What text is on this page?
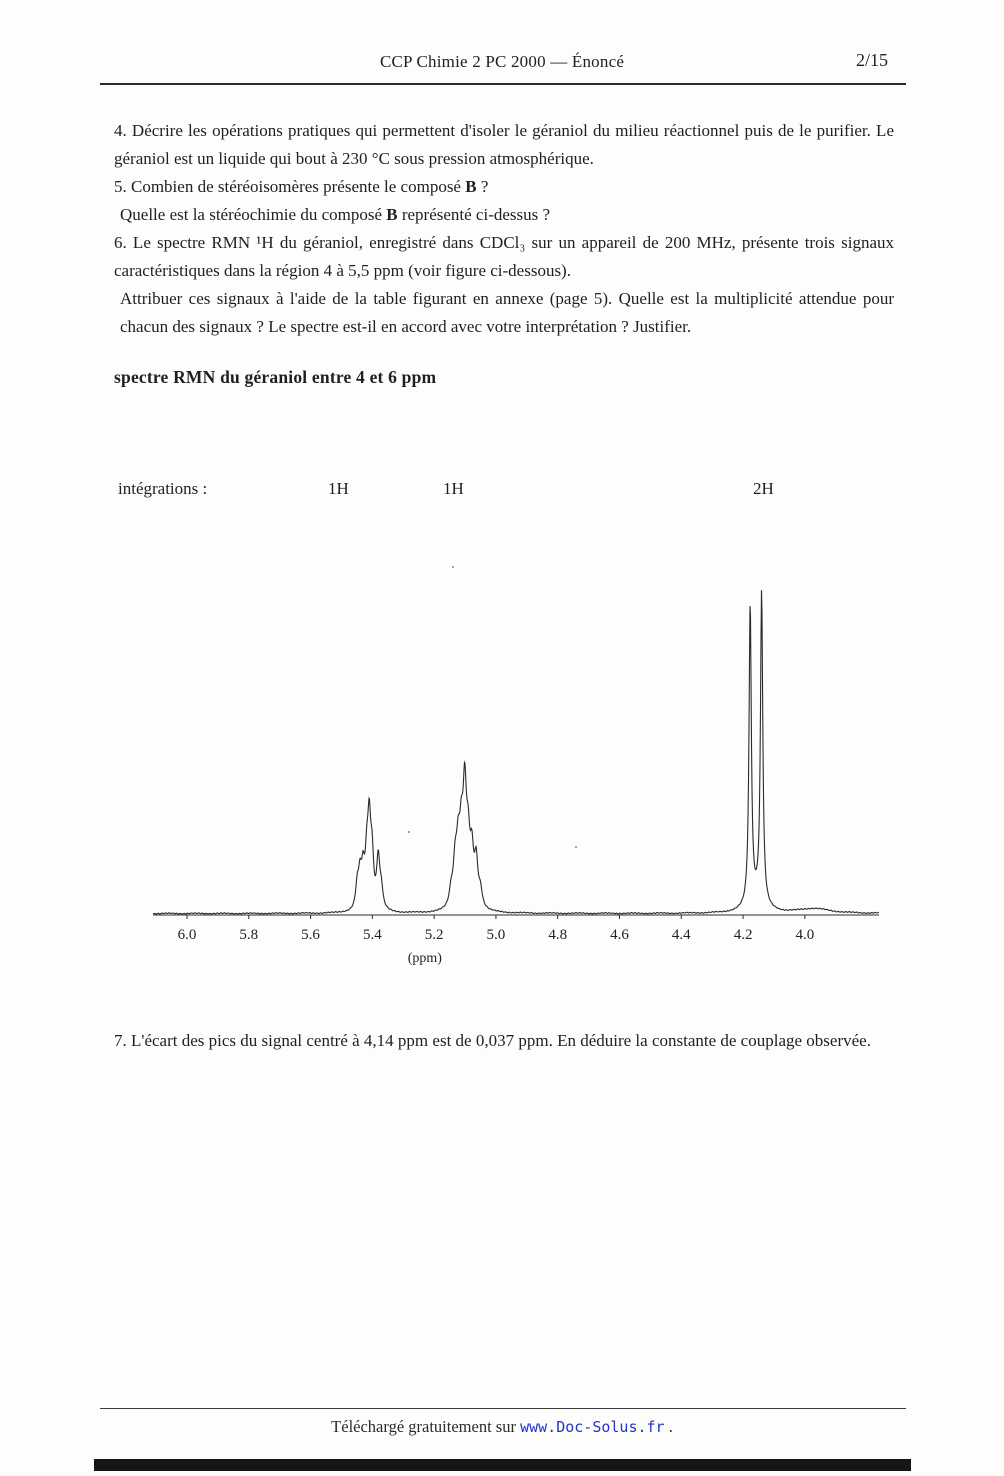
CCP Chimie 2 PC 2000 — Énoncé	2/15

4. Décrire les opérations pratiques qui permettent d'isoler le géraniol du milieu réactionnel puis de le purifier. Le géraniol est un liquide qui bout à 230 °C sous pression atmosphérique.

5. Combien de stéréoisomères présente le composé B ?

Quelle est la stéréochimie du composé B représenté ci-dessus ?

6. Le spectre RMN ¹H du géraniol, enregistré dans CDCl₃ sur un appareil de 200 MHz, présente trois signaux caractéristiques dans la région 4 à 5,5 ppm (voir figure ci-dessous).

Attribuer ces signaux à l'aide de la table figurant en annexe (page 5). Quelle est la multiplicité attendue pour chacun des signaux ? Le spectre est-il en accord avec votre interprétation ? Justifier.

spectre RMN du géraniol entre 4 et 6 ppm
intégrations :	1H	1H	2H
6.0	5.8	5.6	5.4	5.2	5.0	4.8	4.6	4.4	4.2	4.0
(ppm)
7. L'écart des pics du signal centré à 4,14 ppm est de 0,037 ppm. En déduire la constante de couplage observée.
Téléchargé gratuitement sur www.Doc-Solus.fr .
